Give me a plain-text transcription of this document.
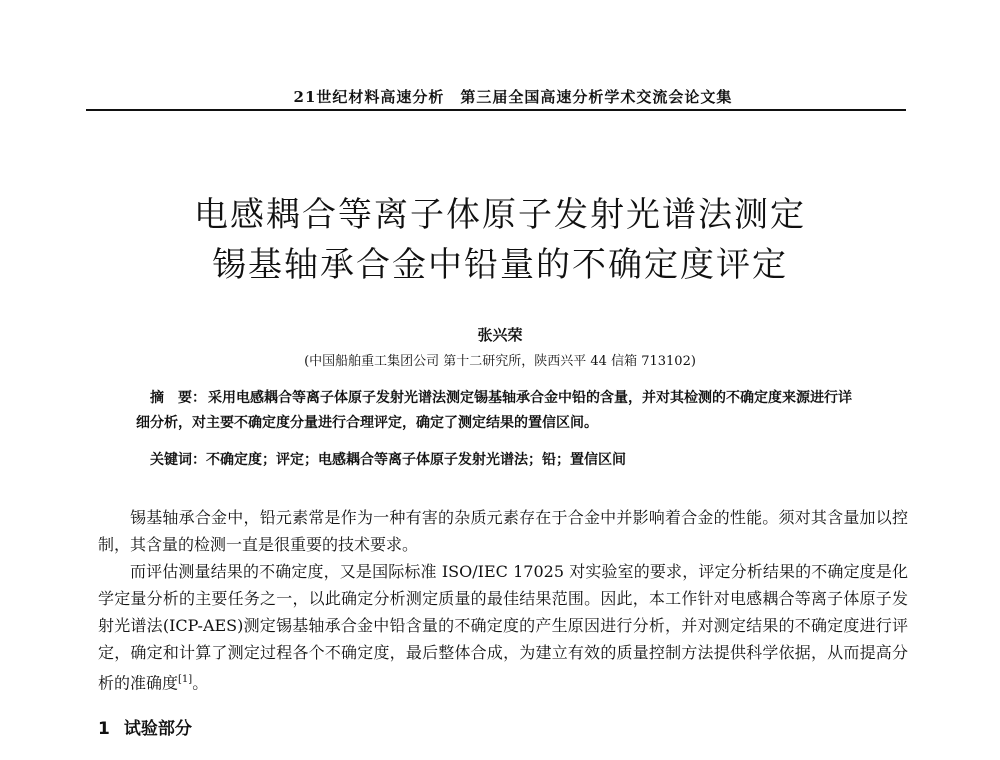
21世纪材料高速分析　第三届全国高速分析学术交流会论文集
电感耦合等离子体原子发射光谱法测定
锡基轴承合金中铅量的不确定度评定
张兴荣
(中国船舶重工集团公司 第十二研究所，陕西兴平 44 信箱 713102)
摘　要： 采用电感耦合等离子体原子发射光谱法测定锡基轴承合金中铅的含量，并对其检测的不确定度来源进行详细分析，对主要不确定度分量进行合理评定，确定了测定结果的置信区间。
关键词：不确定度；评定；电感耦合等离子体原子发射光谱法；铅；置信区间

锡基轴承合金中，铅元素常是作为一种有害的杂质元素存在于合金中并影响着合金的性能。须对其含量加以控制，其含量的检测一直是很重要的技术要求。

而评估测量结果的不确定度，又是国际标准 ISO/IEC 17025 对实验室的要求，评定分析结果的不确定度是化学定量分析的主要任务之一，以此确定分析测定质量的最佳结果范围。因此，本工作针对电感耦合等离子体原子发射光谱法(ICP-AES)测定锡基轴承合金中铅含量的不确定度的产生原因进行分析，并对测定结果的不确定度进行评定，确定和计算了测定过程各个不确定度，最后整体合成，为建立有效的质量控制方法提供科学依据，从而提高分析的准确度[1]。

1 试验部分
